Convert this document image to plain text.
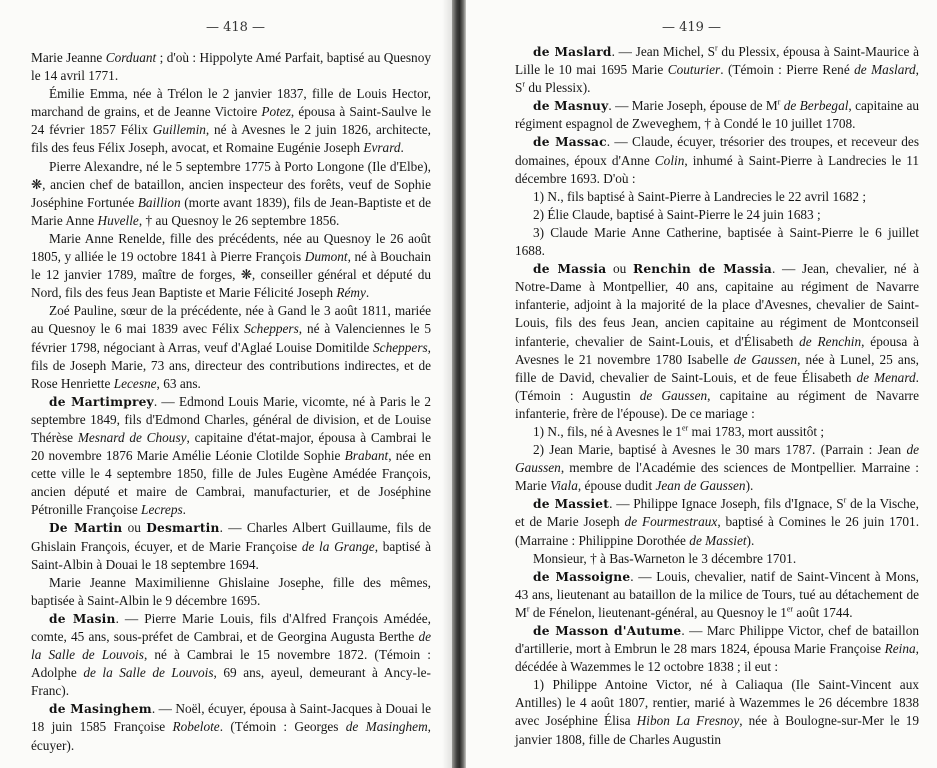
— 418 —

Marie Jeanne Corduant ; d'où : Hippolyte Amé Parfait, baptisé au Quesnoy le 14 avril 1771.

Émilie Emma, née à Trélon le 2 janvier 1837, fille de Louis Hector, marchand de grains, et de Jeanne Victoire Potez, épousa à Saint-Saulve le 24 février 1857 Félix Guillemin, né à Avesnes le 2 juin 1826, architecte, fils des feus Félix Joseph, avocat, et Romaine Eugénie Joseph Evrard.

Pierre Alexandre, né le 5 septembre 1775 à Porto Longone (Ile d'Elbe), ❋, ancien chef de bataillon, ancien inspecteur des forêts, veuf de Sophie Joséphine Fortunée Baillion (morte avant 1839), fils de Jean-Baptiste et de Marie Anne Huvelle, † au Quesnoy le 26 septembre 1856.

Marie Anne Renelde, fille des précédents, née au Quesnoy le 26 août 1805, y alliée le 19 octobre 1841 à Pierre François Dumont, né à Bouchain le 12 janvier 1789, maître de forges, ❋, conseiller général et député du Nord, fils des feus Jean Baptiste et Marie Félicité Joseph Rémy.

Zoé Pauline, sœur de la précédente, née à Gand le 3 août 1811, mariée au Quesnoy le 6 mai 1839 avec Félix Scheppers, né à Valenciennes le 5 février 1798, négociant à Arras, veuf d'Aglaé Louise Domitilde Scheppers, fils de Joseph Marie, 73 ans, directeur des contributions indirectes, et de Rose Henriette Lecesne, 63 ans.

de Martimprey. — Edmond Louis Marie, vicomte, né à Paris le 2 septembre 1849, fils d'Edmond Charles, général de division, et de Louise Thérèse Mesnard de Chousy, capitaine d'état-major, épousa à Cambrai le 20 novembre 1876 Marie Amélie Léonie Clotilde Sophie Brabant, née en cette ville le 4 septembre 1850, fille de Jules Eugène Amédée François, ancien député et maire de Cambrai, manufacturier, et de Joséphine Pétronille Françoise Lecreps.

De Martin ou Desmartin. — Charles Albert Guillaume, fils de Ghislain François, écuyer, et de Marie Françoise de la Grange, baptisé à Saint-Albin à Douai le 18 septembre 1694.

Marie Jeanne Maximilienne Ghislaine Josephe, fille des mêmes, baptisée à Saint-Albin le 9 décembre 1695.

de Masin. — Pierre Marie Louis, fils d'Alfred François Amédée, comte, 45 ans, sous-préfet de Cambrai, et de Georgina Augusta Berthe de la Salle de Louvois, né à Cambrai le 15 novembre 1872. (Témoin : Adolphe de la Salle de Louvois, 69 ans, ayeul, demeurant à Ancy-le-Franc).

de Masinghem. — Noël, écuyer, épousa à Saint-Jacques à Douai le 18 juin 1585 Françoise Robelote. (Témoin : Georges de Masinghem, écuyer).

— 419 —

de Maslard. — Jean Michel, $S^r$ du Plessix, épousa à Saint-Maurice à Lille le 10 mai 1695 Marie Couturier. (Témoin : Pierre René de Maslard, $S^r$ du Plessix).

de Masnuy. — Marie Joseph, épouse de $M^r$ de Berbegal, capitaine au régiment espagnol de Zweveghem, † à Condé le 10 juillet 1708.

de Massac. — Claude, écuyer, trésorier des troupes, et receveur des domaines, époux d'Anne Colin, inhumé à Saint-Pierre à Landrecies le 11 décembre 1693. D'où :

1) N., fils baptisé à Saint-Pierre à Landrecies le 22 avril 1682 ;

2) Élie Claude, baptisé à Saint-Pierre le 24 juin 1683 ;

3) Claude Marie Anne Catherine, baptisée à Saint-Pierre le 6 juillet 1688.

de Massia ou Renchin de Massia. — Jean, chevalier, né à Notre-Dame à Montpellier, 40 ans, capitaine au régiment de Navarre infanterie, adjoint à la majorité de la place d'Avesnes, chevalier de Saint-Louis, fils des feus Jean, ancien capitaine au régiment de Montconseil infanterie, chevalier de Saint-Louis, et d'Élisabeth de Renchin, épousa à Avesnes le 21 novembre 1780 Isabelle de Gaussen, née à Lunel, 25 ans, fille de David, chevalier de Saint-Louis, et de feue Élisabeth de Menard. (Témoin : Augustin de Gaussen, capitaine au régiment de Navarre infanterie, frère de l'épouse). De ce mariage :

1) N., fils, né à Avesnes le 1er mai 1783, mort aussitôt ;

2) Jean Marie, baptisé à Avesnes le 30 mars 1787. (Parrain : Jean de Gaussen, membre de l'Académie des sciences de Montpellier. Marraine : Marie Viala, épouse dudit Jean de Gaussen).

de Massiet. — Philippe Ignace Joseph, fils d'Ignace, $S^r$ de la Vische, et de Marie Joseph de Fourmestraux, baptisé à Comines le 26 juin 1701. (Marraine : Philippine Dorothée de Massiet).

Monsieur, † à Bas-Warneton le 3 décembre 1701.

de Massoigne. — Louis, chevalier, natif de Saint-Vincent à Mons, 43 ans, lieutenant au bataillon de la milice de Tours, tué au détachement de $M^r$ de Fénelon, lieutenant-général, au Quesnoy le 1er août 1744.

de Masson d'Autume. — Marc Philippe Victor, chef de bataillon d'artillerie, mort à Embrun le 28 mars 1824, épousa Marie Françoise Reina, décédée à Wazemmes le 12 octobre 1838 ; il eut :

1) Philippe Antoine Victor, né à Caliaqua (Ile Saint-Vincent aux Antilles) le 4 août 1807, rentier, marié à Wazemmes le 26 décembre 1838 avec Joséphine Élisa Hibon La Fresnoy, née à Boulogne-sur-Mer le 19 janvier 1808, fille de Charles Augustin
